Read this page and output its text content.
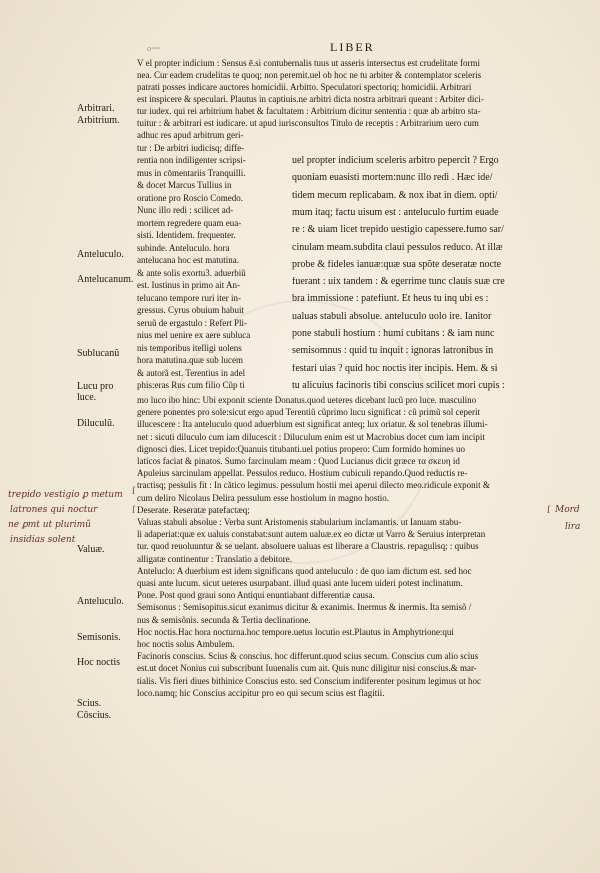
o==	LIBER
V el propter indicium : Sensus ē.si contubernalis tuus ut asseris intersectus est crudelitate formi
nea. Cur eadem crudelitas te quoq; non peremit.uel ob hoc ne tu arbiter & contemplator sceleris
patrati posses indicare auctores homicidii. Arbitto. Speculatori spectoriq; homicidii. Arbitrari
est inspicere & speculari. Plautus in captiuis.ne arbitri dicta nostra arbitrari queant : Arbiter dici-
tur iudex. qui rei arbitrium habet & facultatem : Arbitrium dicitur sententia : quæ ab arbitro sta-
tuitur : & arbitrari est iudicare. ut apud iurisconsultos Titulo de receptis : Arbitrarium uero cum
adhuc res apud arbitrum geri-
tur : De arbitri iudicisq; diffe-
rentia non indiligenter scripsi-
mus in cōmentariis Tranquilli.
& docet Marcus Tullius in
oratione pro Roscio Comedo.
Nunc illo redi : scilicet ad-
mortem regredere quam eua-
sisti. Identidem. frequenter.
subinde. Anteluculo. hora
antelucana hoc est matutina.
& ante solis exortu3. aduerbiũ
est. Iustinus in primo ait An-
telucano tempore ruri iter in-
gressus. Cyrus obuium habuit
seruũ de ergastulo : Refert Pli-
nius mel uenire ex aere sublucа
nis temporibus itelligi uolens
hora matutina.quæ sub lucem
& autorã est. Terentius in adel
phis:eras Rus cum filio Cũp ti
uel propter indicium sceleris arbitro pepercit ? Ergo
quoniam euasisti mortem:nunc illo redi . Hæc ide/
tidem mecum replicabam. & nox ibat in diem. opti/
mum itaq; factu uisum est : anteluculo furtim euade
re : & uiam licet trepido uestigio capessere.fumo sar/
cinulam meam.subdita claui pessulos reduco. At illæ
probe & fideles ianuæ:quæ sua spõte deseratæ noctе
fuerant : uix tandem : & egerrime tunc clauis suæ cre
bra immissione : patefiunt. Et heus tu inq ubi es :
ualuas stabuli absolue. anteluculo uolo ire. Ianitor
pone stabuli hostium : humi cubitans : & iam nunc
semisomnus : quid tu inquit : ignoras latronibus in
festari uias ? quid hoc noctis iter incipis. Hem. & si
tu alicuius facinoris tibi conscius scilicet mori cupis :
mo luco ibo hinc: Ubi exponit sciente Donatus.quod ueteres dicebant lucũ pro luce. masculino
genere ponentes pro sole:sicut ergo apud Terentiũ cũprimo lucu significat : cũ primũ sol ceperit
illucescere : Ita anteluculo quod aduerbium est significat anteq; lux oriatur. & sol tenebras illumi-
net : sicuti diluculo cum iam dilucescit : Diluculum enim est ut Macrobius docet cum iam incipit
dignosci dies. Licet trepido:Quanuis titubanti.uel potius propero: Cum formido homines uo
laticos faciat & pinatos. Sumo farcinulam meam : Quod Lucianus dicit græce τα σκευη id
Apuleius sarcinulam appellat. Pessulos reduco. Hostium cubiculi repando.Quod reductis re-
tractisq; pessulis fit : In cătico legimus. pessulum hostii mei aperui dilecto meo.ridicule exponit &
cum deliro Nicolaus Delira pessulum esse hostiolum in magno hostio.
Deserate. Reseratæ patefactæq;
Valuas stabuli absolue : Verba sunt Aristomenis stabularium inclamantis. ut Ianuam stabu-
li adaperiat:quæ ex ualuis constabat:sunt autem ualuæ.ex eo dictæ ut Varro & Seruius interpretan
tur. quod reuoluuntur & se uelant. absoluere ualuas est liberare a Claustris. repagulisq; : quibus
alligatæ continentur : Translatio a debitore.
Anteluclo: A duerbium est idem significans quod anteluculo : de quo iam dictum est. sed hoc
quasi ante lucum. sicut ueteres usurpabant. illud quasi ante lucem uideri potest inclinatum.
Pone. Post quod graui sono Antiqui enuntiabant differentiæ causa.
Semisonus : Semisopitus.sicut exanimus dicitur & exanimis. Inermus & inermis. Ita semisõ /
nus & semisõnis. secunda & Tertia declinatione.
Hoc noctis.Hac hora nocturna.hoc tempore.uetus locutio est.Plautus in Amphytrione:qui
hoc noctis solus Ambulem.
Facinoris conscius. Scius & conscius. hoc differunt.quod scius secum. Conscius cum alio scius
est.ut docet Nonius cui subscribunt Iuuenalis cum ait. Quis nunc diligitur nisi conscius.& mar-
tialis. Vis fieri diues bithinice Conscius esto. sed Conscium indiferenter positum legimus ut hoc
loco.namq; hic Conscius accipitur pro eo qui secum scius est flagitii.
Arbitrari.
Arbitrium.
Anteluculo.
Antelucanum.
Sublucanũ
Lucu pro luce.
Diluculũ.
Valuæ.
Anteluculo.
Semisonis.
Hoc noctis
Scius.
Cōscius.
trepido vestigio ꝑ metum
latrones qui noctur
ne ꝑmt ut plurimũ
insidias solent
Mord
lira
ſ
ſ	ſ
